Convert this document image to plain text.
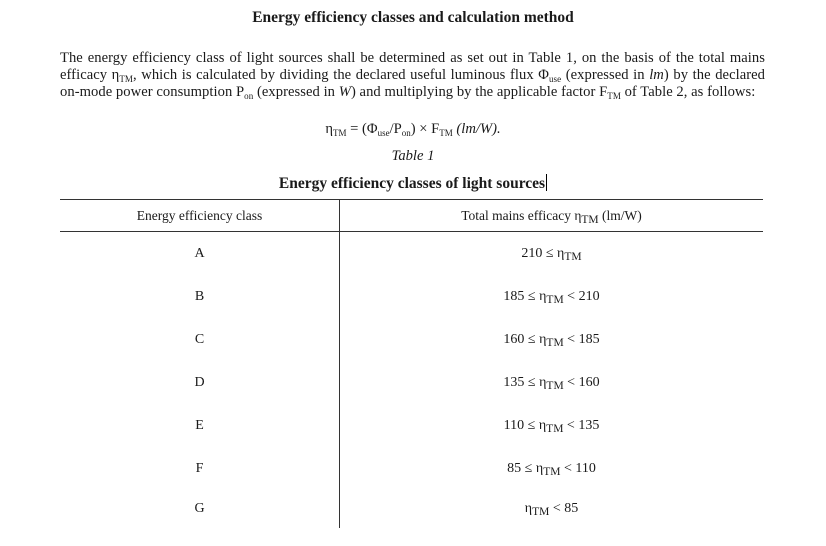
Energy efficiency classes and calculation method
The energy efficiency class of light sources shall be determined as set out in Table 1, on the basis of the total mains efficacy $\eta_{TM}$, which is calculated by dividing the declared useful luminous flux $\Phi_{use}$ (expressed in lm) by the declared on-mode power consumption $P_{on}$ (expressed in W) and multiplying by the applicable factor $F_{TM}$ of Table 2, as follows:
$\eta_{TM} = (\Phi_{use}/P_{on}) \times F_{TM}$ (lm/W).
Table 1
Energy efficiency classes of light sources
Energy efficiency class	Total mains efficacy $\eta_{TM}$ (lm/W)
A	$210 \le \eta_{TM}$
B	$185 \le \eta_{TM} < 210$
C	$160 \le \eta_{TM} < 185$
D	$135 \le \eta_{TM} < 160$
E	$110 \le \eta_{TM} < 135$
F	$85 \le \eta_{TM} < 110$
G	$\eta_{TM} < 85$
